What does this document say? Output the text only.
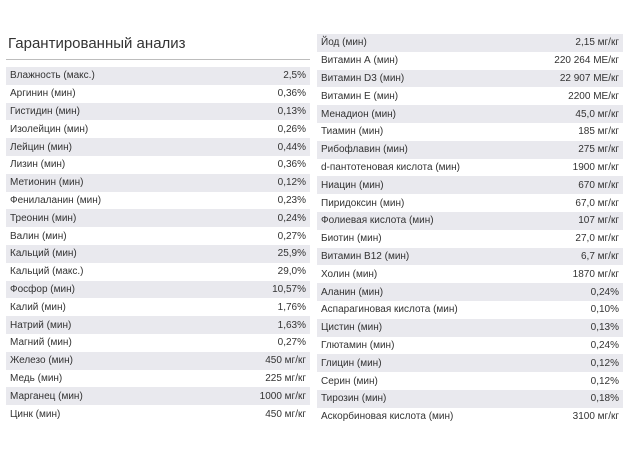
Гарантированный анализ
Влажность (макс.)	2,5%
Аргинин (мин)	0,36%
Гистидин (мин)	0,13%
Изолейцин (мин)	0,26%
Лейцин (мин)	0,44%
Лизин (мин)	0,36%
Метионин (мин)	0,12%
Фенилаланин (мин)	0,23%
Треонин (мин)	0,24%
Валин (мин)	0,27%
Кальций (мин)	25,9%
Кальций (макс.)	29,0%
Фосфор (мин)	10,57%
Калий (мин)	1,76%
Натрий (мин)	1,63%
Магний (мин)	0,27%
Железо (мин)	450 мг/кг
Медь (мин)	225 мг/кг
Марганец (мин)	1000 мг/кг
Цинк (мин)	450 мг/кг
Йод (мин)	2,15 мг/кг
Витамин А (мин)	220 264 МЕ/кг
Витамин D3 (мин)	22 907 МЕ/кг
Витамин Е (мин)	2200 МЕ/кг
Менадион (мин)	45,0 мг/кг
Тиамин (мин)	185 мг/кг
Рибофлавин (мин)	275 мг/кг
d-пантотеновая кислота (мин)	1900 мг/кг
Ниацин (мин)	670 мг/кг
Пиридоксин (мин)	67,0 мг/кг
Фолиевая кислота (мин)	107 мг/кг
Биотин (мин)	27,0 мг/кг
Витамин B12 (мин)	6,7 мг/кг
Холин (мин)	1870 мг/кг
Аланин (мин)	0,24%
Аспарагиновая кислота (мин)	0,10%
Цистин (мин)	0,13%
Глютамин (мин)	0,24%
Глицин (мин)	0,12%
Серин (мин)	0,12%
Тирозин (мин)	0,18%
Аскорбиновая кислота (мин)	3100 мг/кг
